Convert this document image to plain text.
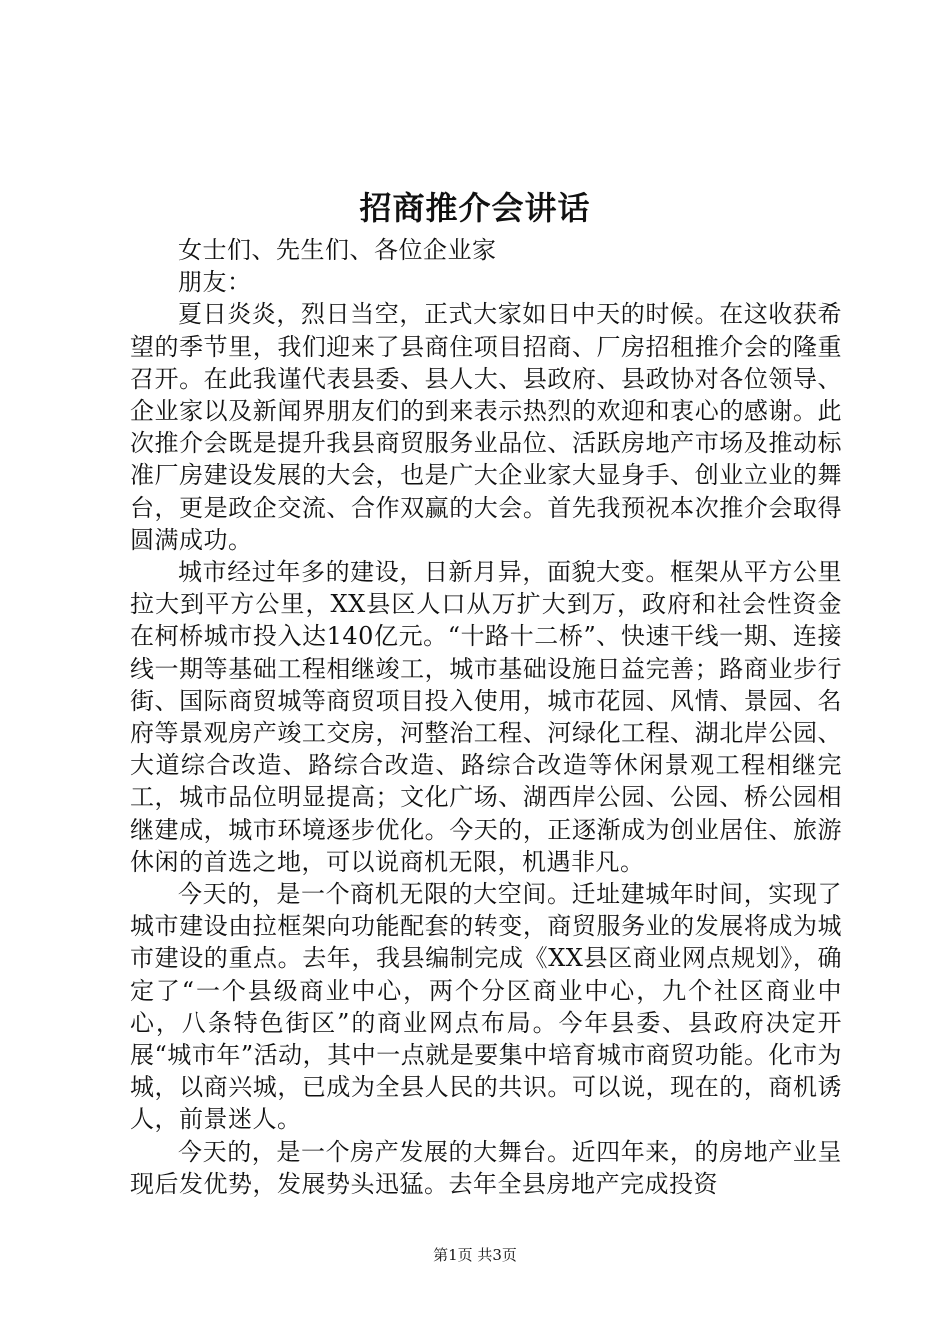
招商推介会讲话

女士们、先生们、各位企业家

朋友：

夏日炎炎，烈日当空，正式大家如日中天的时候。在这收获希望的季节里，我们迎来了县商住项目招商、厂房招租推介会的隆重召开。在此我谨代表县委、县人大、县政府、县政协对各位领导、企业家以及新闻界朋友们的到来表示热烈的欢迎和衷心的感谢。此次推介会既是提升我县商贸服务业品位、活跃房地产市场及推动标准厂房建设发展的大会，也是广大企业家大显身手、创业立业的舞台，更是政企交流、合作双赢的大会。首先我预祝本次推介会取得圆满成功。

城市经过年多的建设，日新月异，面貌大变。框架从平方公里拉大到平方公里，XX县区人口从万扩大到万，政府和社会性资金在柯桥城市投入达140亿元。“十路十二桥”、快速干线一期、连接线一期等基础工程相继竣工，城市基础设施日益完善；路商业步行街、国际商贸城等商贸项目投入使用，城市花园、风情、景园、名府等景观房产竣工交房，河整治工程、河绿化工程、湖北岸公园、大道综合改造、路综合改造、路综合改造等休闲景观工程相继完工，城市品位明显提高；文化广场、湖西岸公园、公园、桥公园相继建成，城市环境逐步优化。今天的，正逐渐成为创业居住、旅游休闲的首选之地，可以说商机无限，机遇非凡。

今天的，是一个商机无限的大空间。迁址建城年时间，实现了城市建设由拉框架向功能配套的转变，商贸服务业的发展将成为城市建设的重点。去年，我县编制完成《XX县区商业网点规划》，确定了“一个县级商业中心，两个分区商业中心，九个社区商业中心，八条特色街区”的商业网点布局。今年县委、县政府决定开展“城市年”活动，其中一点就是要集中培育城市商贸功能。化市为城，以商兴城，已成为全县人民的共识。可以说，现在的，商机诱人，前景迷人。

今天的，是一个房产发展的大舞台。近四年来，的房地产业呈现后发优势，发展势头迅猛。去年全县房地产完成投资

第1页 共3页
